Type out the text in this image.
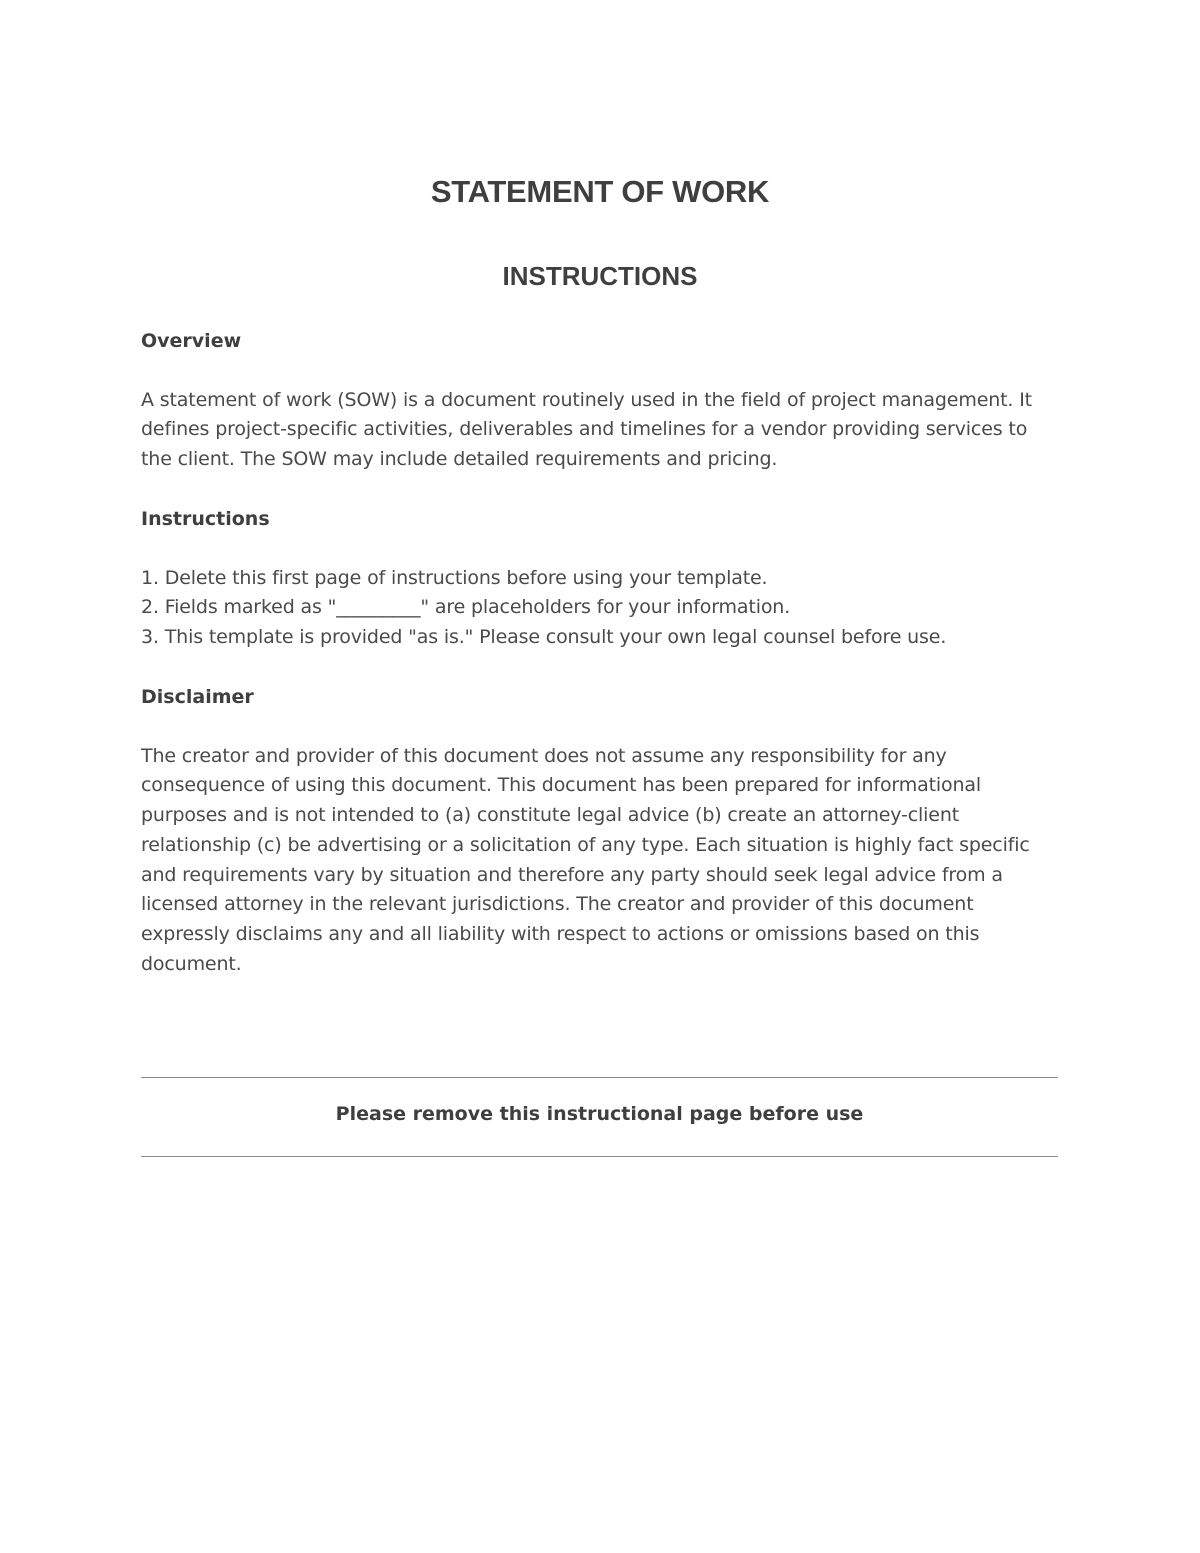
STATEMENT OF WORK
INSTRUCTIONS

Overview

A statement of work (SOW) is a document routinely used in the field of project management. It defines project-specific activities, deliverables and timelines for a vendor providing services to the client. The SOW may include detailed requirements and pricing.

Instructions

1. Delete this first page of instructions before using your template.

2. Fields marked as "_________" are placeholders for your information.

3. This template is provided "as is." Please consult your own legal counsel before use.

Disclaimer

The creator and provider of this document does not assume any responsibility for any consequence of using this document. This document has been prepared for informational purposes and is not intended to (a) constitute legal advice (b) create an attorney-client relationship (c) be advertising or a solicitation of any type. Each situation is highly fact specific and requirements vary by situation and therefore any party should seek legal advice from a licensed attorney in the relevant jurisdictions. The creator and provider of this document expressly disclaims any and all liability with respect to actions or omissions based on this document.

Please remove this instructional page before use
